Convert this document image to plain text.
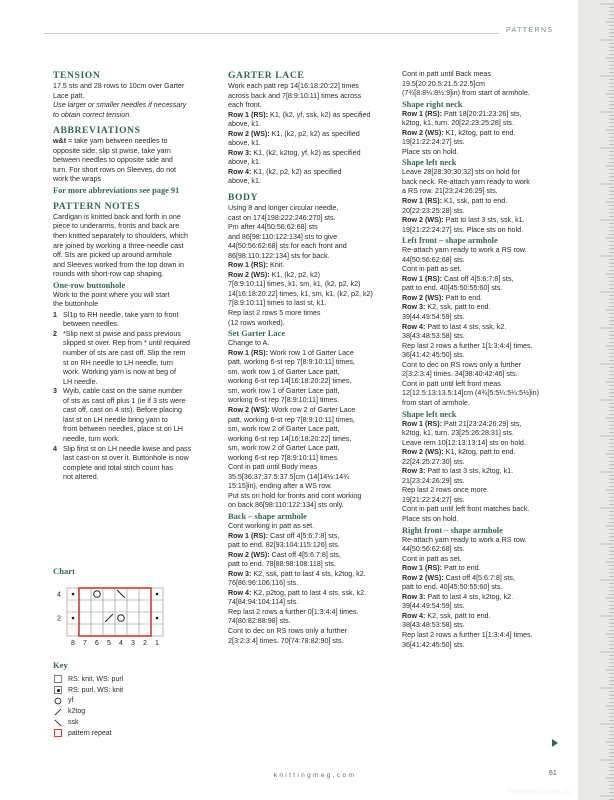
PATTERNS
TENSION

17.5 sts and 28 rows to 10cm over Garter
Lace patt.

Use larger or smaller needles if necessary
to obtain correct tension.

ABBREVIATIONS

w&t = take yarn between needles to
opposite side, slip st pwise, take yarn
between needles to opposite side and
turn. For short rows on Sleeves, do not
work the wraps

For more abbreviations see page 91
PATTERN NOTES

Cardigan is knitted back and forth in one
piece to underarms, fronts and back are
then knitted separately to shoulders, which
are joined by working a three-needle cast
off. Sts are picked up around armhole
and Sleeves worked from the top down in
rounds with short-row cap shaping.

One-row buttonhole

Work to the point where you will start
the buttonhole

1 Sl1p to RH needle, take yarn to front
between needles.
2 *Slip next st pwise and pass previous
slipped st over. Rep from * until required
number of sts are cast off. Slip the rem
st on RH needle to LH needle, turn
work. Working yarn is now at beg of
LH needle.
3 Wyib, cable cast on the same number
of sts as cast off plus 1 (ie if 3 sts were
cast off, cast on 4 sts). Before placing
last st on LH needle bring yarn to
front between needles, place st on LH
needle, turn work.
4 Slip first st on LH needle kwise and pass
last cast-on st over it. Buttonhole is now
complete and total stitch count has
not altered.
Chart
4
2
8 7 6 5 4 3 2 1
Key
RS: knit, WS: purl
RS: purl, WS: knit
yf
k2tog
ssk
pattern repeat
GARTER LACE

Work each patt rep 14[16:18:20:22] times
across back and 7[8:9:10:11] times across
each front.

Row 1 (RS): K1, (k2, yf, ssk, k2) as specified
above, k1.

Row 2 (WS): K1, (k2, p2, k2) as specified
above, k1.

Row 3: K1, (k2, k2tog, yf, k2) as specified
above, k1.

Row 4: K1, (k2, p2, k2) as specified
above, k1.

BODY

Using 8 and longer circular needle,
cast on 174[198:222:246:270] sts.
Pm after 44[50:56:62:68] sts
and 86[98:110:122:134] sts to give
44[50:56:62:68] sts for each front and
86[98:110:122:134] sts for back.

Row 1 (RS): Knit.

Row 2 (WS): K1, (k2, p2, k2)
7[8:9:10:11] times, k1, sm, k1, (k2, p2, k2)
14[16:18:20:22] times, k1, sm, k1, (k2, p2, k2)
7[8:9:10:11] times to last st, k1.

Rep last 2 rows 5 more times
(12 rows worked).

Set Garter Lace

Change to A.

Row 1 (RS): Work row 1 of Garter Lace
patt, working 6-st rep 7[8:9:10:11] times,
sm, work row 1 of Garter Lace patt,
working 6-st rep 14[16:18:20:22] times,
sm, work row 1 of Garter Lace patt,
working 6-st rep 7[8:9:10:11] times.

Row 2 (WS): Work row 2 of Garter Lace
patt, working 6-st rep 7[8:9:10:11] times,
sm, work row 2 of Garter Lace patt,
working 6-st rep 14[16:18:20:22] times,
sm, work row 2 of Garter Lace patt,
working 6-st rep 7[8:9:10:11] times.

Cont in patt until Body meas
35.5[36:37:37.5:37.5]cm (14[14½:14¾
15:15]in), ending after a WS row.
Put sts on hold for fronts and cont working
on back 86[98:110:122:134] sts only.

Back – shape armhole

Cont working in patt as set.

Row 1 (RS): Cast off 4[5:6:7:8] sts,
patt to end. 82[93:104:115:126] sts.

Row 2 (WS): Cast off 4[5:6:7:8] sts,
patt to end. 78[88:98:108:118] sts.

Row 3: K2, ssk, patt to last 4 sts, k2tog, k2.
76[86:96:106:116] sts.

Row 4: K2, p2tog, patt to last 4 sts, ssk, k2.
74[84:94:104:114] sts.

Rep last 2 rows a further 0[1:3:4:4] times.
74[80:82:88:98] sts.
Cont to dec on RS rows only a further
2[3:2:3:4] times. 70[74:78:82:90] sts.

Cont in patt until Back meas
19.5[20:20.5:21.5:22.5]cm
(7¾[8:8¼:8½:9]in) from start of armhole.

Shape right neck

Row 1 (RS): Patt 18[20:21:23:26] sts,
k2tog, k1, turn. 20[22:23:25:28] sts.

Row 2 (WS): K1, k2tog, patt to end.
19[21:22:24:27] sts.

Place sts on hold.

Shape left neck

Leave 28[28:30:30:32] sts on hold for
back neck. Re-attach yarn ready to work
a RS row. 21[23:24:26:29] sts.

Row 1 (RS): K1, ssk, patt to end.
20[22:23:25:28] sts.

Row 2 (WS): Patt to last 3 sts, ssk, k1.
19[21:22:24:27] sts. Place sts on hold.

Left front – shape armhole

Re-attach yarn ready to work a RS row.
44[50:56:62:68] sts.
Cont in patt as set.

Row 1 (RS): Cast off 4[5:6:7:8] sts,
patt to end. 40[45:50:55:60] sts.

Row 2 (WS): Patt to end.

Row 3: K2, ssk, patt to end.
39[44:49:54:59] sts.

Row 4: Patt to last 4 sts, ssk, k2.
38[43:48:53:58] sts.

Rep last 2 rows a further 1[1:3:4:4] times.
36[41:42:45:50] sts.
Cont to dec on RS rows only a further
2[3:2:3:4] times. 34[38:40:42:46] sts.
Cont in patt until left front meas
12[12.5:13:13.5:14]cm (4¾[5:5¼:5¼:5½]in)
from start of armhole.

Shape left neck

Row 1 (RS): Patt 21[23:24:26:29] sts,
k2tog, k1, turn. 23[25:26:28:31] sts.
Leave rem 10[12:13:13:14] sts on hold.

Row 2 (WS): K1, k2tog, patt to end.
22[24:25:27:30] sts.

Row 3: Patt to last 3 sts, k2tog, k1.
21[23:24:26:29] sts.

Rep last 2 rows once more.
19[21:22:24:27] sts.
Cont in patt until left front matches back.
Place sts on hold.

Right front – shape armhole

Re-attach yarn ready to work a RS row.
44[50:56:62:68] sts.
Cont in patt as set.

Row 1 (RS): Patt to end.

Row 2 (WS): Cast off 4[5:6:7:8] sts,
patt to end. 40[45:50:55:60] sts.

Row 3: Patt to last 4 sts, k2tog, k2.
39[44:49:54:59] sts.

Row 4: K2, ssk, patt to end.
38[43:48:53:58] sts.

Rep last 2 rows a further 1[1:3:4:4] times.
36[41:42:45:50] sts.

knittingmeg.com	61
PassionForum.ru
